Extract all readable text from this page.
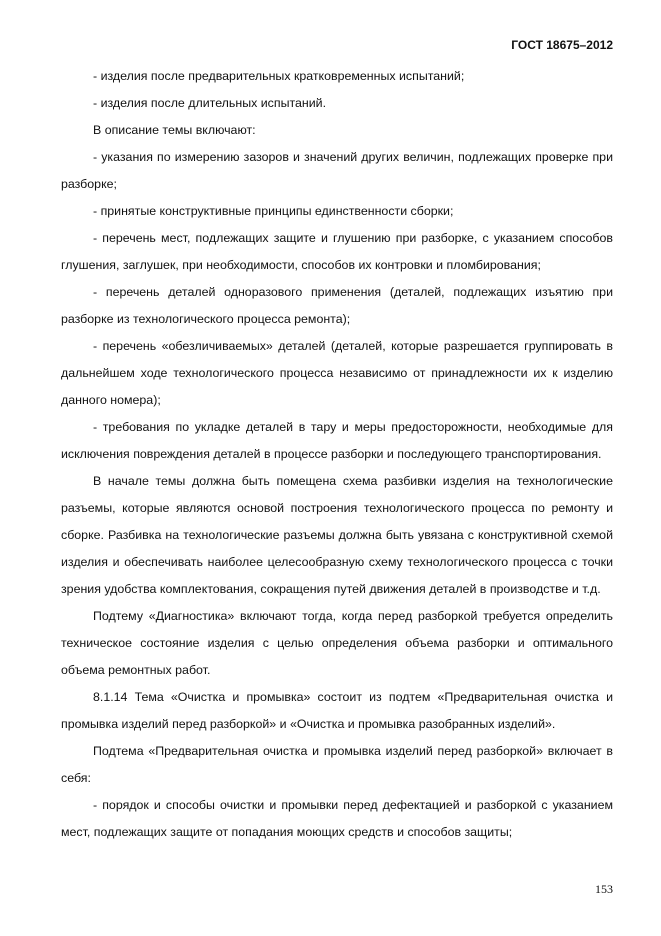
ГОСТ 18675–2012

- изделия после предварительных кратковременных испытаний;

- изделия после длительных испытаний.

В описание темы включают:

- указания по измерению зазоров и значений других величин, подлежащих проверке при разборке;

- принятые конструктивные принципы единственности сборки;

- перечень мест, подлежащих защите и глушению при разборке, с указанием способов глушения, заглушек, при необходимости, способов их контровки и пломбирования;

- перечень деталей одноразового применения (деталей, подлежащих изъятию при разборке из технологического процесса ремонта);

- перечень «обезличиваемых» деталей (деталей, которые разрешается группировать в дальнейшем ходе технологического процесса независимо от принадлежности их к изделию данного номера);

- требования по укладке деталей в тару и меры предосторожности, необходимые для исключения повреждения деталей в процессе разборки и последующего транспортирования.

В начале темы должна быть помещена схема разбивки изделия на технологические разъемы, которые являются основой построения технологического процесса по ремонту и сборке. Разбивка на технологические разъемы должна быть увязана с конструктивной схемой изделия и обеспечивать наиболее целесообразную схему технологического процесса с точки зрения удобства комплектования, сокращения путей движения деталей в производстве и т.д.

Подтему «Диагностика» включают тогда, когда перед разборкой требуется определить техническое состояние изделия с целью определения объема разборки и оптимального объема ремонтных работ.

8.1.14 Тема «Очистка и промывка» состоит из подтем «Предварительная очистка и промывка изделий перед разборкой» и «Очистка и промывка разобранных изделий».

Подтема «Предварительная очистка и промывка изделий перед разборкой» включает в себя:

- порядок и способы очистки и промывки перед дефектацией и разборкой с указанием мест, подлежащих защите от попадания моющих средств и способов защиты;

153
